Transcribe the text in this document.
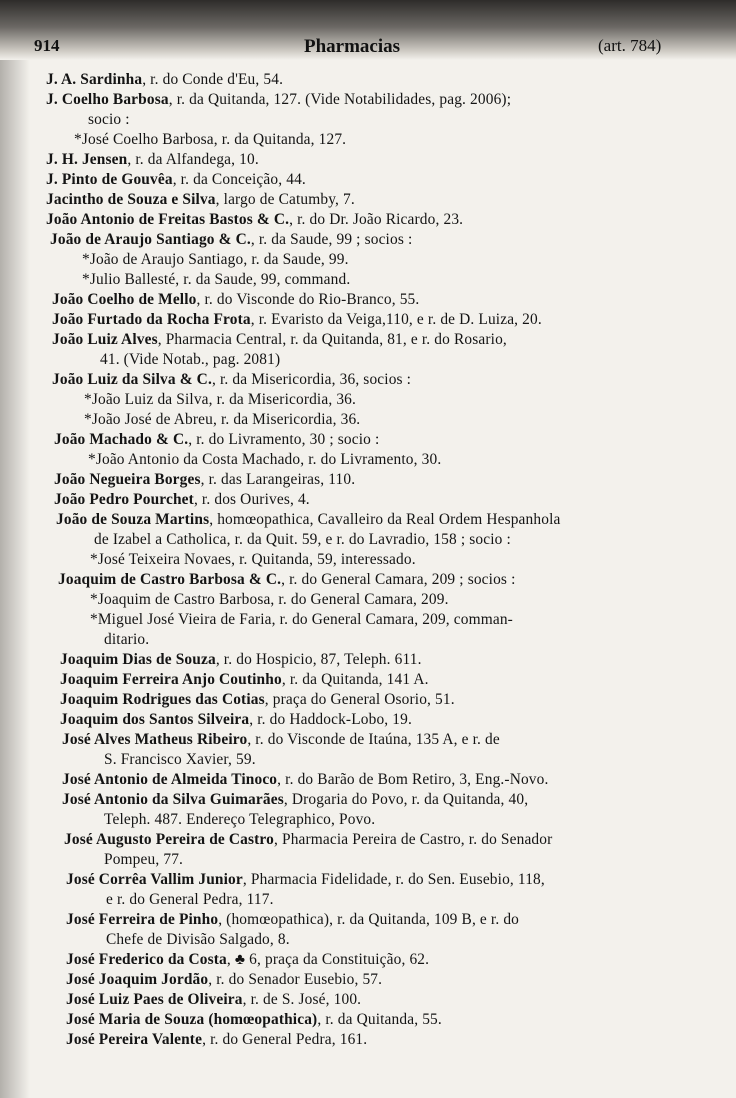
914	Pharmacias	(art. 784)
J. A. Sardinha, r. do Conde d'Eu, 54.
J. Coelho Barbosa, r. da Quitanda, 127. (Vide Notabilidades, pag. 2006);
socio :
*José Coelho Barbosa, r. da Quitanda, 127.
J. H. Jensen, r. da Alfandega, 10.
J. Pinto de Gouvêa, r. da Conceição, 44.
Jacintho de Souza e Silva, largo de Catumby, 7.
João Antonio de Freitas Bastos & C., r. do Dr. João Ricardo, 23.
João de Araujo Santiago & C., r. da Saude, 99 ; socios :
*João de Araujo Santiago, r. da Saude, 99.
*Julio Ballesté, r. da Saude, 99, command.
João Coelho de Mello, r. do Visconde do Rio-Branco, 55.
João Furtado da Rocha Frota, r. Evaristo da Veiga,110, e r. de D. Luiza, 20.
João Luiz Alves, Pharmacia Central, r. da Quitanda, 81, e r. do Rosario,
41. (Vide Notab., pag. 2081)
João Luiz da Silva & C., r. da Misericordia, 36, socios :
*João Luiz da Silva, r. da Misericordia, 36.
*João José de Abreu, r. da Misericordia, 36.
João Machado & C., r. do Livramento, 30 ; socio :
*João Antonio da Costa Machado, r. do Livramento, 30.
João Negueira Borges, r. das Larangeiras, 110.
João Pedro Pourchet, r. dos Ourives, 4.
João de Souza Martins, homœopathica, Cavalleiro da Real Ordem Hespanhola
de Izabel a Catholica, r. da Quit. 59, e r. do Lavradio, 158 ; socio :
*José Teixeira Novaes, r. Quitanda, 59, interessado.
Joaquim de Castro Barbosa & C., r. do General Camara, 209 ; socios :
*Joaquim de Castro Barbosa, r. do General Camara, 209.
*Miguel José Vieira de Faria, r. do General Camara, 209, comman-
ditario.
Joaquim Dias de Souza, r. do Hospicio, 87, Teleph. 611.
Joaquim Ferreira Anjo Coutinho, r. da Quitanda, 141 A.
Joaquim Rodrigues das Cotias, praça do General Osorio, 51.
Joaquim dos Santos Silveira, r. do Haddock-Lobo, 19.
José Alves Matheus Ribeiro, r. do Visconde de Itaúna, 135 A, e r. de
S. Francisco Xavier, 59.
José Antonio de Almeida Tinoco, r. do Barão de Bom Retiro, 3, Eng.-Novo.
José Antonio da Silva Guimarães, Drogaria do Povo, r. da Quitanda, 40,
Teleph. 487. Endereço Telegraphico, Povo.
José Augusto Pereira de Castro, Pharmacia Pereira de Castro, r. do Senador
Pompeu, 77.
José Corrêa Vallim Junior, Pharmacia Fidelidade, r. do Sen. Eusebio, 118,
e r. do General Pedra, 117.
José Ferreira de Pinho, (homœopathica), r. da Quitanda, 109 B, e r. do
Chefe de Divisão Salgado, 8.
José Frederico da Costa, ♣ 6, praça da Constituição, 62.
José Joaquim Jordão, r. do Senador Eusebio, 57.
José Luiz Paes de Oliveira, r. de S. José, 100.
José Maria de Souza (homœopathica), r. da Quitanda, 55.
José Pereira Valente, r. do General Pedra, 161.
